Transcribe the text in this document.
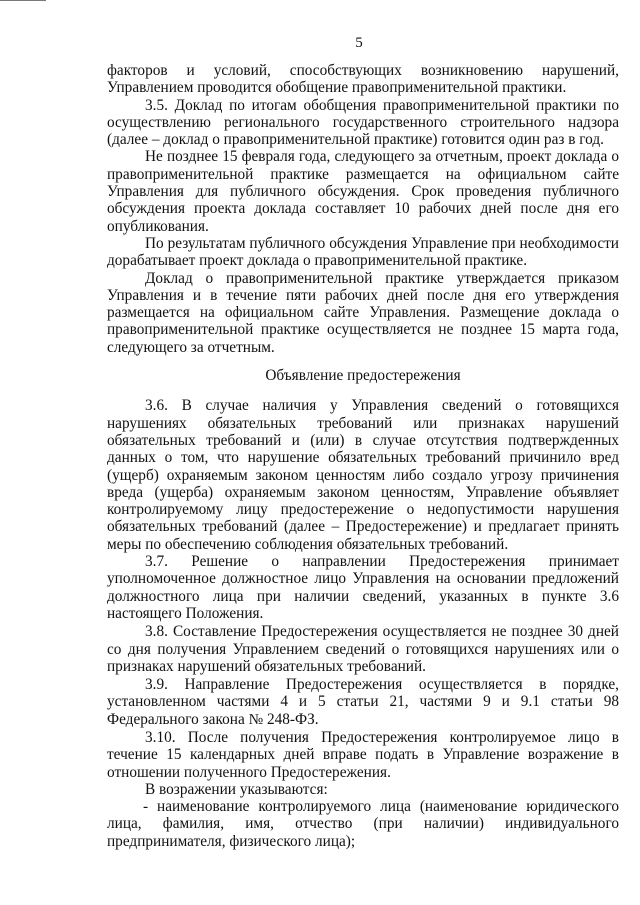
5

факторов и условий, способствующих возникновению нарушений, Управлением проводится обобщение правоприменительной практики.

3.5. Доклад по итогам обобщения правоприменительной практики по осуществлению регионального государственного строительного надзора (далее – доклад о правоприменительной практике) готовится один раз в год.

Не позднее 15 февраля года, следующего за отчетным, проект доклада о правоприменительной практике размещается на официальном сайте Управления для публичного обсуждения. Срок проведения публичного обсуждения проекта доклада составляет 10 рабочих дней после дня его опубликования.

По результатам публичного обсуждения Управление при необходимости дорабатывает проект доклада о правоприменительной практике.

Доклад о правоприменительной практике утверждается приказом Управления и в течение пяти рабочих дней после дня его утверждения размещается на официальном сайте Управления. Размещение доклада о правоприменительной практике осуществляется не позднее 15 марта года, следующего за отчетным.

Объявление предостережения

3.6. В случае наличия у Управления сведений о готовящихся нарушениях обязательных требований или признаках нарушений обязательных требований и (или) в случае отсутствия подтвержденных данных о том, что нарушение обязательных требований причинило вред (ущерб) охраняемым законом ценностям либо создало угрозу причинения вреда (ущерба) охраняемым законом ценностям, Управление объявляет контролируемому лицу предостережение о недопустимости нарушения обязательных требований (далее – Предостережение) и предлагает принять меры по обеспечению соблюдения обязательных требований.

3.7. Решение о направлении Предостережения принимает уполномоченное должностное лицо Управления на основании предложений должностного лица при наличии сведений, указанных в пункте 3.6 настоящего Положения.

3.8. Составление Предостережения осуществляется не позднее 30 дней со дня получения Управлением сведений о готовящихся нарушениях или о признаках нарушений обязательных требований.

3.9. Направление Предостережения осуществляется в порядке, установленном частями 4 и 5 статьи 21, частями 9 и 9.1 статьи 98 Федерального закона № 248-ФЗ.

3.10. После получения Предостережения контролируемое лицо в течение 15 календарных дней вправе подать в Управление возражение в отношении полученного Предостережения.

В возражении указываются:

- наименование контролируемого лица (наименование юридического лица, фамилия, имя, отчество (при наличии) индивидуального предпринимателя, физического лица);
